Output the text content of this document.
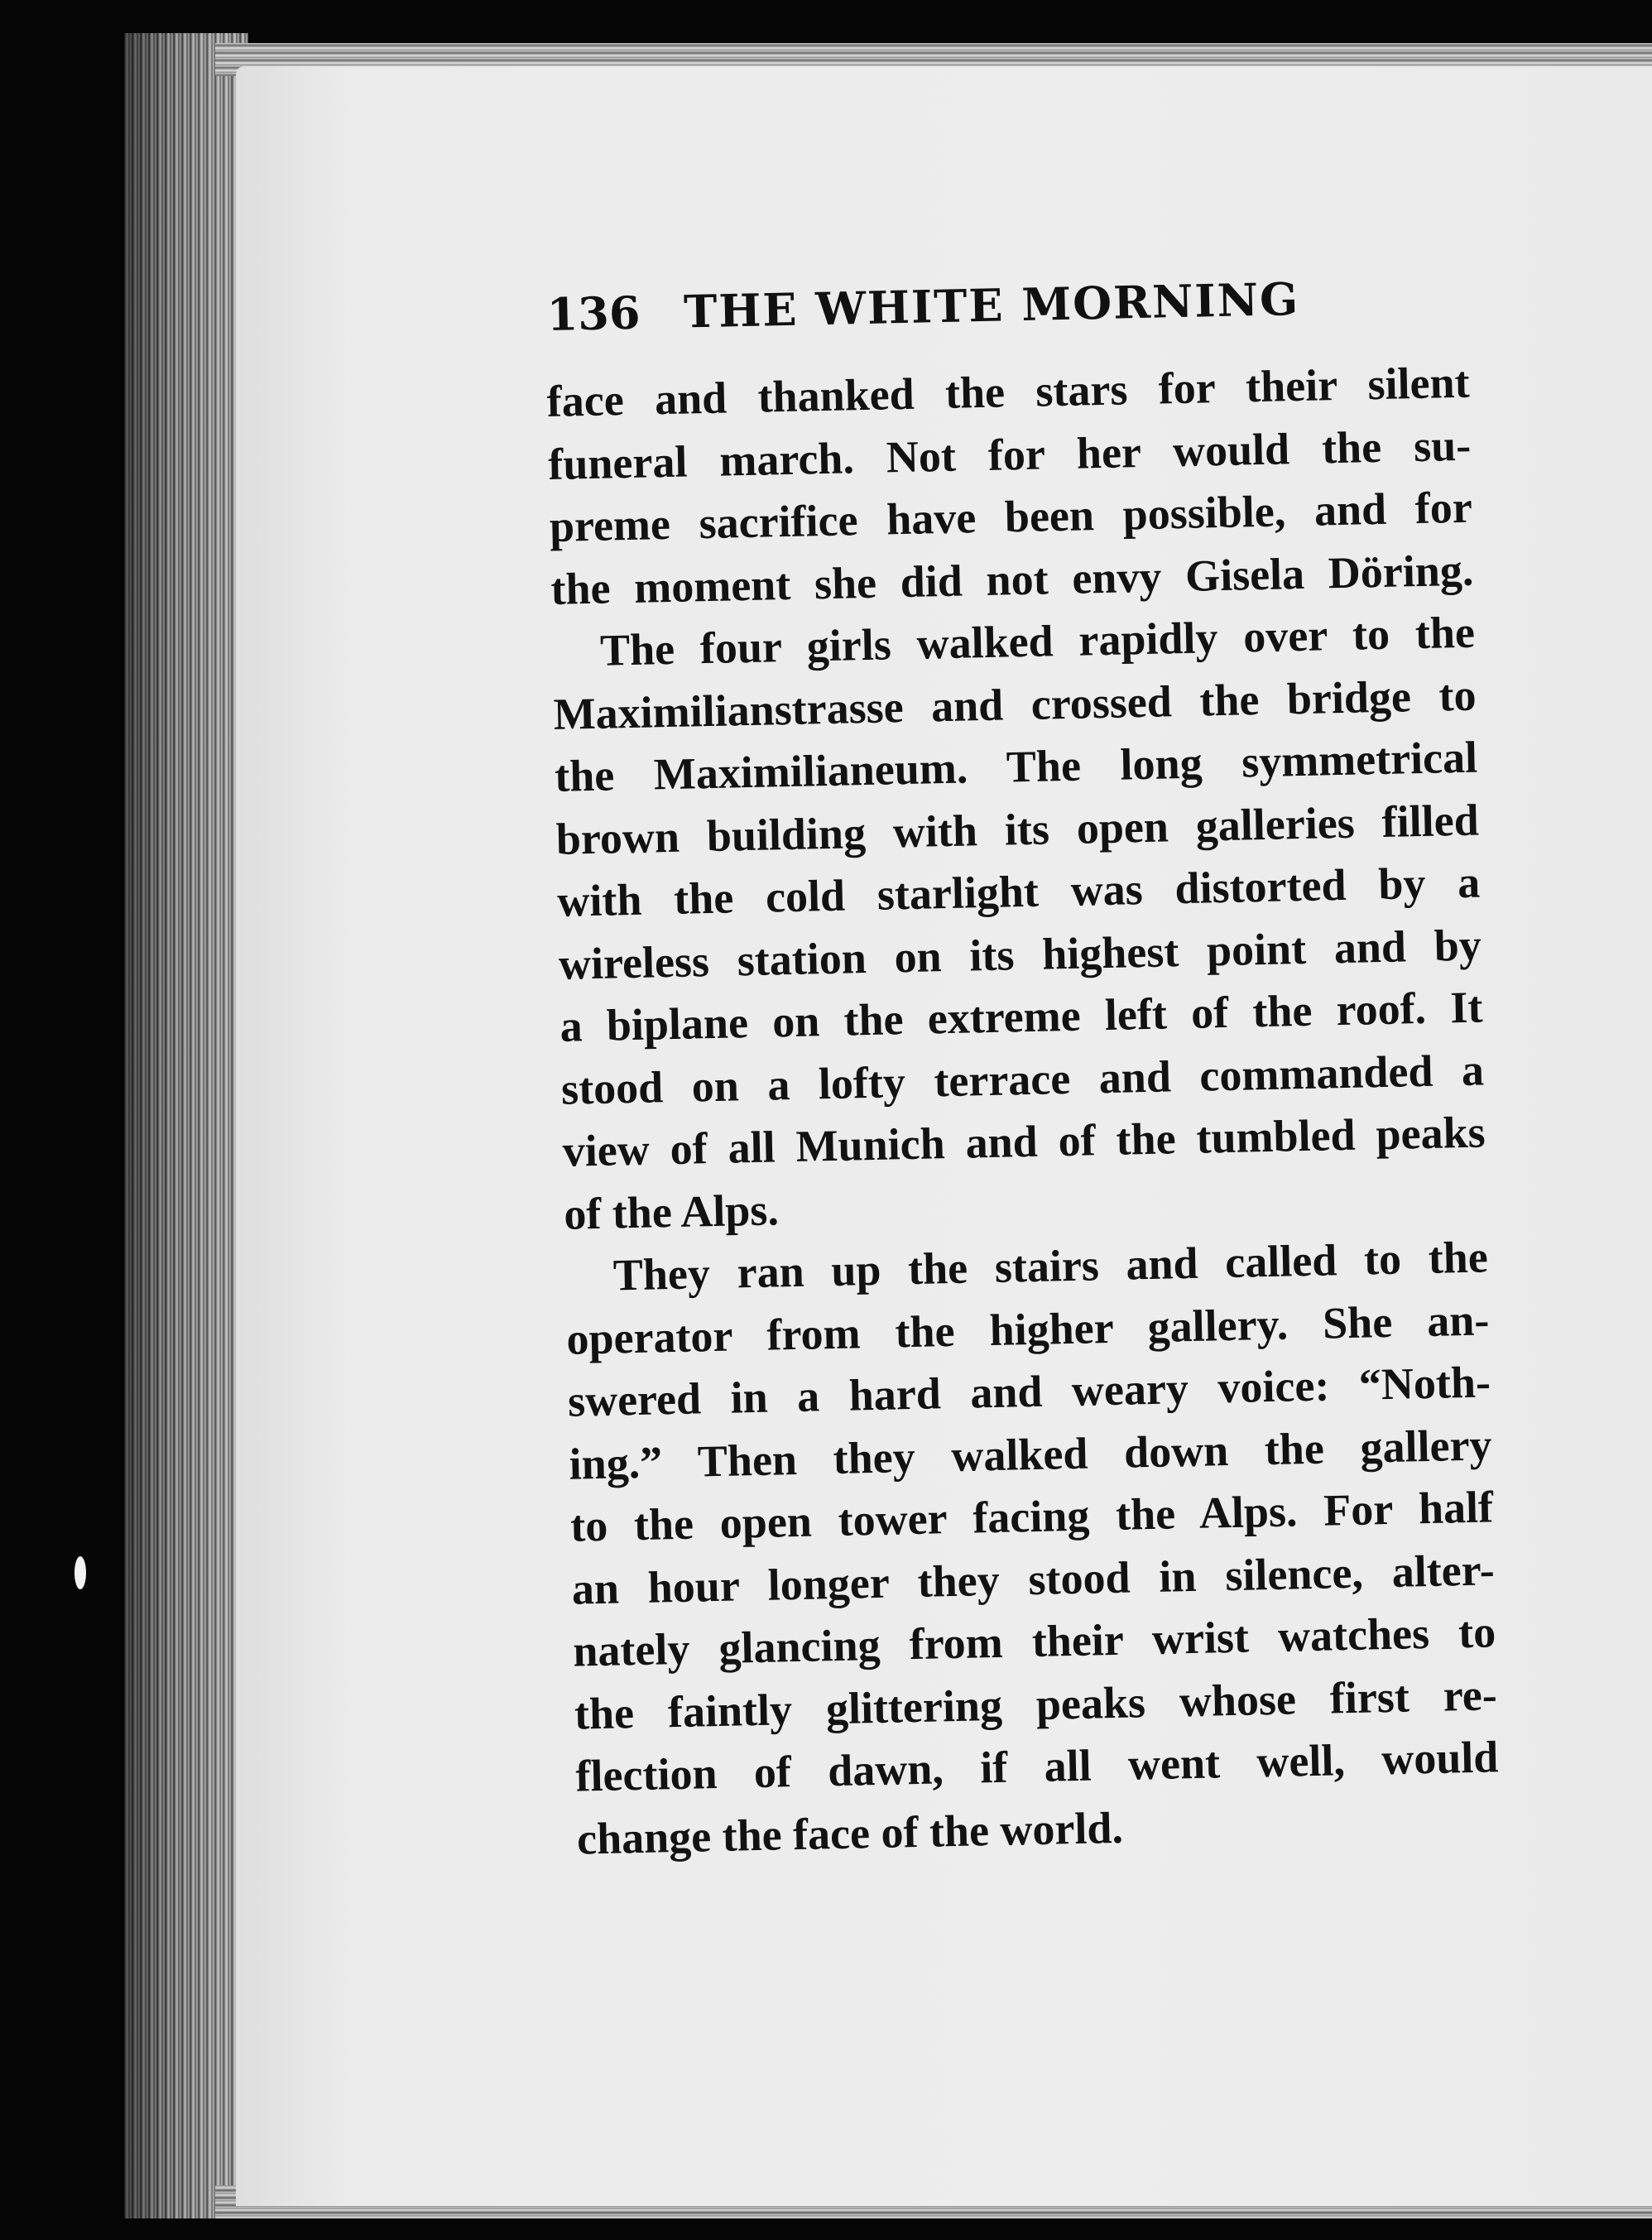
136 THE WHITE MORNING
face and thanked the stars for their silent
funeral march. Not for her would the su-
preme sacrifice have been possible, and for
the moment she did not envy Gisela Döring.
The four girls walked rapidly over to the
Maximilianstrasse and crossed the bridge to
the Maximilianeum. The long symmetrical
brown building with its open galleries filled
with the cold starlight was distorted by a
wireless station on its highest point and by
a biplane on the extreme left of the roof. It
stood on a lofty terrace and commanded a
view of all Munich and of the tumbled peaks
of the Alps.
They ran up the stairs and called to the
operator from the higher gallery. She an-
swered in a hard and weary voice: “Noth-
ing.” Then they walked down the gallery
to the open tower facing the Alps. For half
an hour longer they stood in silence, alter-
nately glancing from their wrist watches to
the faintly glittering peaks whose first re-
flection of dawn, if all went well, would
change the face of the world.
